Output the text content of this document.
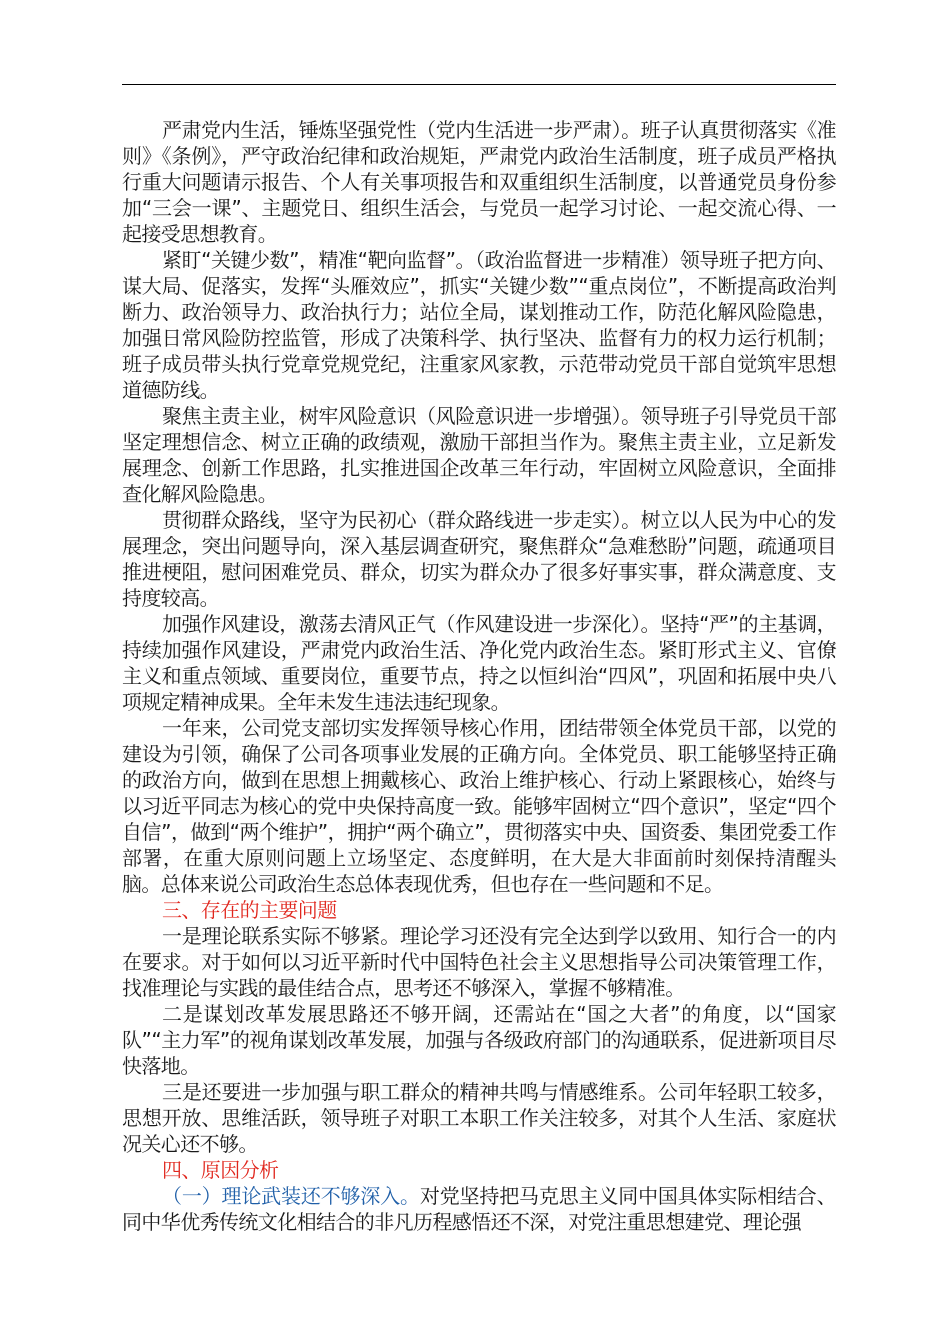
严肃党内生活，锤炼坚强党性（党内生活进一步严肃）。班子认真贯彻落实《准则》《条例》，严守政治纪律和政治规矩，严肃党内政治生活制度，班子成员严格执行重大问题请示报告、个人有关事项报告和双重组织生活制度，以普通党员身份参加“三会一课”、主题党日、组织生活会，与党员一起学习讨论、一起交流心得、一起接受思想教育。

紧盯“关键少数”，精准“靶向监督”。（政治监督进一步精准）领导班子把方向、谋大局、促落实，发挥“头雁效应”，抓实“关键少数”“重点岗位”，不断提高政治判断力、政治领导力、政治执行力；站位全局，谋划推动工作，防范化解风险隐患，加强日常风险防控监管，形成了决策科学、执行坚决、监督有力的权力运行机制；班子成员带头执行党章党规党纪，注重家风家教，示范带动党员干部自觉筑牢思想道德防线。

聚焦主责主业，树牢风险意识（风险意识进一步增强）。领导班子引导党员干部坚定理想信念、树立正确的政绩观，激励干部担当作为。聚焦主责主业，立足新发展理念、创新工作思路，扎实推进国企改革三年行动，牢固树立风险意识，全面排查化解风险隐患。

贯彻群众路线，坚守为民初心（群众路线进一步走实）。树立以人民为中心的发展理念，突出问题导向，深入基层调查研究，聚焦群众“急难愁盼”问题，疏通项目推进梗阻，慰问困难党员、群众，切实为群众办了很多好事实事，群众满意度、支持度较高。

加强作风建设，激荡去清风正气（作风建设进一步深化）。坚持“严”的主基调，持续加强作风建设，严肃党内政治生活、净化党内政治生态。紧盯形式主义、官僚主义和重点领域、重要岗位，重要节点，持之以恒纠治“四风”，巩固和拓展中央八项规定精神成果。全年未发生违法违纪现象。

一年来，公司党支部切实发挥领导核心作用，团结带领全体党员干部，以党的建设为引领，确保了公司各项事业发展的正确方向。全体党员、职工能够坚持正确的政治方向，做到在思想上拥戴核心、政治上维护核心、行动上紧跟核心，始终与以习近平同志为核心的党中央保持高度一致。能够牢固树立“四个意识”，坚定“四个自信”，做到“两个维护”，拥护“两个确立”，贯彻落实中央、国资委、集团党委工作部署，在重大原则问题上立场坚定、态度鲜明，在大是大非面前时刻保持清醒头脑。总体来说公司政治生态总体表现优秀，但也存在一些问题和不足。

三、存在的主要问题

一是理论联系实际不够紧。理论学习还没有完全达到学以致用、知行合一的内在要求。对于如何以习近平新时代中国特色社会主义思想指导公司决策管理工作，找准理论与实践的最佳结合点，思考还不够深入，掌握不够精准。

二是谋划改革发展思路还不够开阔，还需站在“国之大者”的角度，以“国家队”“主力军”的视角谋划改革发展，加强与各级政府部门的沟通联系，促进新项目尽快落地。

三是还要进一步加强与职工群众的精神共鸣与情感维系。公司年轻职工较多，思想开放、思维活跃，领导班子对职工本职工作关注较多，对其个人生活、家庭状况关心还不够。

四、原因分析

（一）理论武装还不够深入。对党坚持把马克思主义同中国具体实际相结合、同中华优秀传统文化相结合的非凡历程感悟还不深，对党注重思想建党、理论强
